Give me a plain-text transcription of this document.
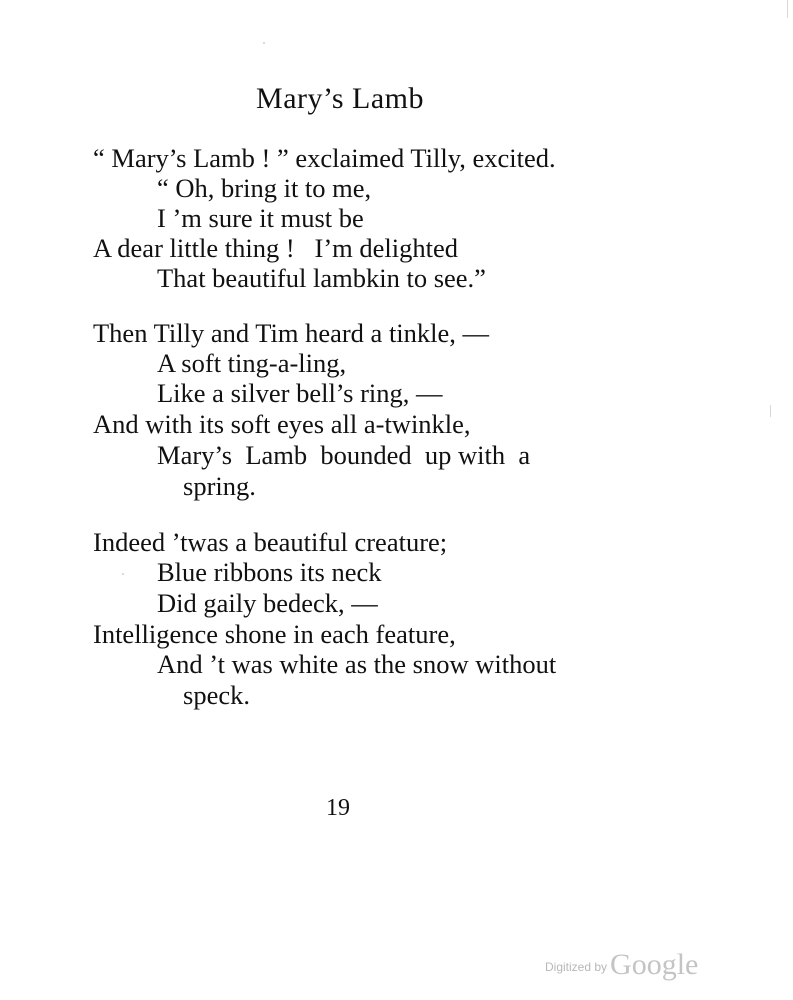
Mary’s Lamb

“ Mary’s Lamb ! ” exclaimed Tilly, excited.

“ Oh, bring it to me,

I ’m sure it must be

A dear little thing !   I’m delighted

That beautiful lambkin to see.”

Then Tilly and Tim heard a tinkle, —

A soft ting-a-ling,

Like a silver bell’s ring, —

And with its soft eyes all a-twinkle,

Mary’s  Lamb  bounded  up with  a

spring.

Indeed ’twas a beautiful creature;

Blue ribbons its neck

Did gaily bedeck, —

Intelligence shone in each feature,

And ’t was white as the snow without

speck.

19

Digitized by Google
